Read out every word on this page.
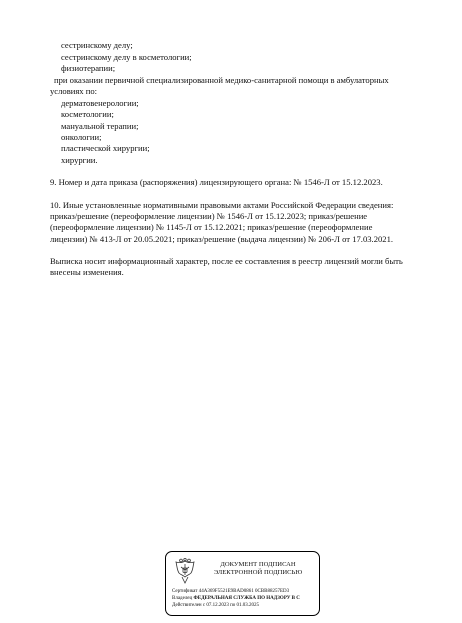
сестринскому делу;
сестринскому делу в косметологии;
физиотерапии;
при оказании первичной специализированной медико-санитарной помощи в амбулаторных
условиях по:
дерматовенерологии;
косметологии;
мануальной терапии;
онкологии;
пластической хирургии;
хирургии.
9. Номер и дата приказа (распоряжения) лицензирующего органа: № 1546-Л от 15.12.2023.
10. Иные установленные нормативными правовыми актами Российской Федерации сведения:
приказ/решение (переоформление лицензии) № 1546-Л от 15.12.2023; приказ/решение
(переоформление лицензии) № 1145-Л от 15.12.2021; приказ/решение (переоформление
лицензии) № 413-Л от 20.05.2021; приказ/решение (выдача лицензии) № 206-Л от 17.03.2021.
Выписка носит информационный характер, после ее составления в реестр лицензий могли быть
внесены изменения.
ДОКУМЕНТ ПОДПИСАН
ЭЛЕКТРОННОЙ ПОДПИСЬЮ
Сертификат 44A369F5521E9BAD0861 0CBB88257ED3
Владелец ФЕДЕРАЛЬНАЯ СЛУЖБА ПО НАДЗОРУ В С
Действителен с 07.12.2023 по 01.03.2025
